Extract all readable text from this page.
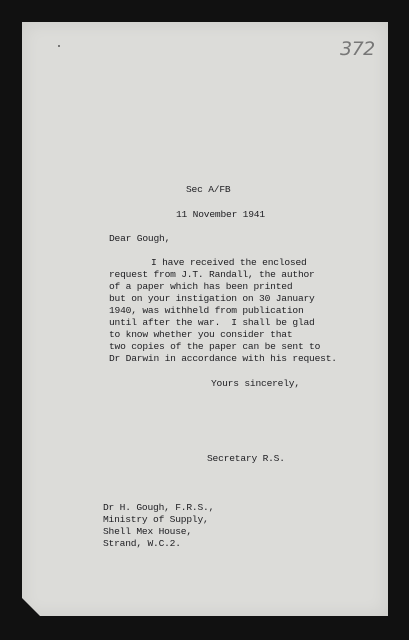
372
Sec A/FB
11 November 1941
Dear Gough,
I have received the enclosed
request from J.T. Randall, the author
of a paper which has been printed
but on your instigation on 30 January
1940, was withheld from publication
until after the war.  I shall be glad
to know whether you consider that
two copies of the paper can be sent to
Dr Darwin in accordance with his request.
Yours sincerely,
Secretary R.S.
Dr H. Gough, F.R.S.,
Ministry of Supply,
Shell Mex House,
Strand, W.C.2.
